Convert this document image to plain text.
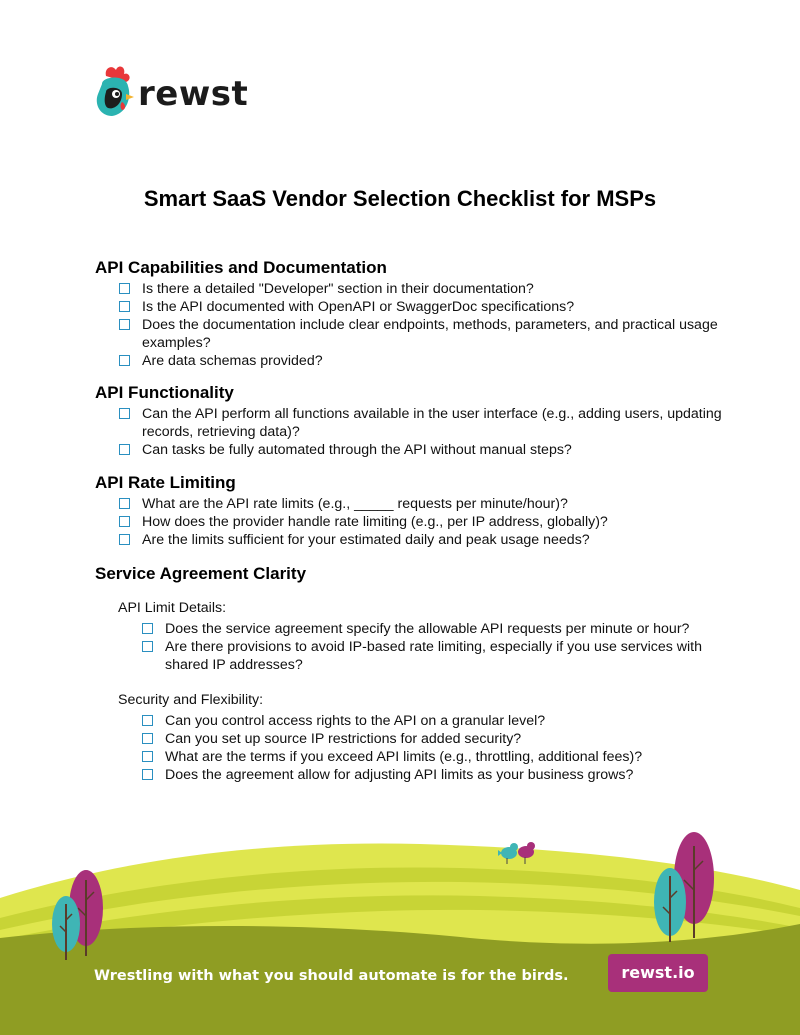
rewst
Smart SaaS Vendor Selection Checklist for MSPs
API Capabilities and Documentation
Is there a detailed "Developer" section in their documentation?
Is the API documented with OpenAPI or SwaggerDoc specifications?
Does the documentation include clear endpoints, methods, parameters, and practical usage examples?
Are data schemas provided?
API Functionality
Can the API perform all functions available in the user interface (e.g., adding users, updating records, retrieving data)?
Can tasks be fully automated through the API without manual steps?
API Rate Limiting
What are the API rate limits (e.g., _____ requests per minute/hour)?
How does the provider handle rate limiting (e.g., per IP address, globally)?
Are the limits sufficient for your estimated daily and peak usage needs?
Service Agreement Clarity
API Limit Details:
Does the service agreement specify the allowable API requests per minute or hour?
Are there provisions to avoid IP-based rate limiting, especially if you use services with shared IP addresses?
Security and Flexibility:
Can you control access rights to the API on a granular level?
Can you set up source IP restrictions for added security?
What are the terms if you exceed API limits (e.g., throttling, additional fees)?
Does the agreement allow for adjusting API limits as your business grows?
Wrestling with what you should automate is for the birds.	rewst.io
